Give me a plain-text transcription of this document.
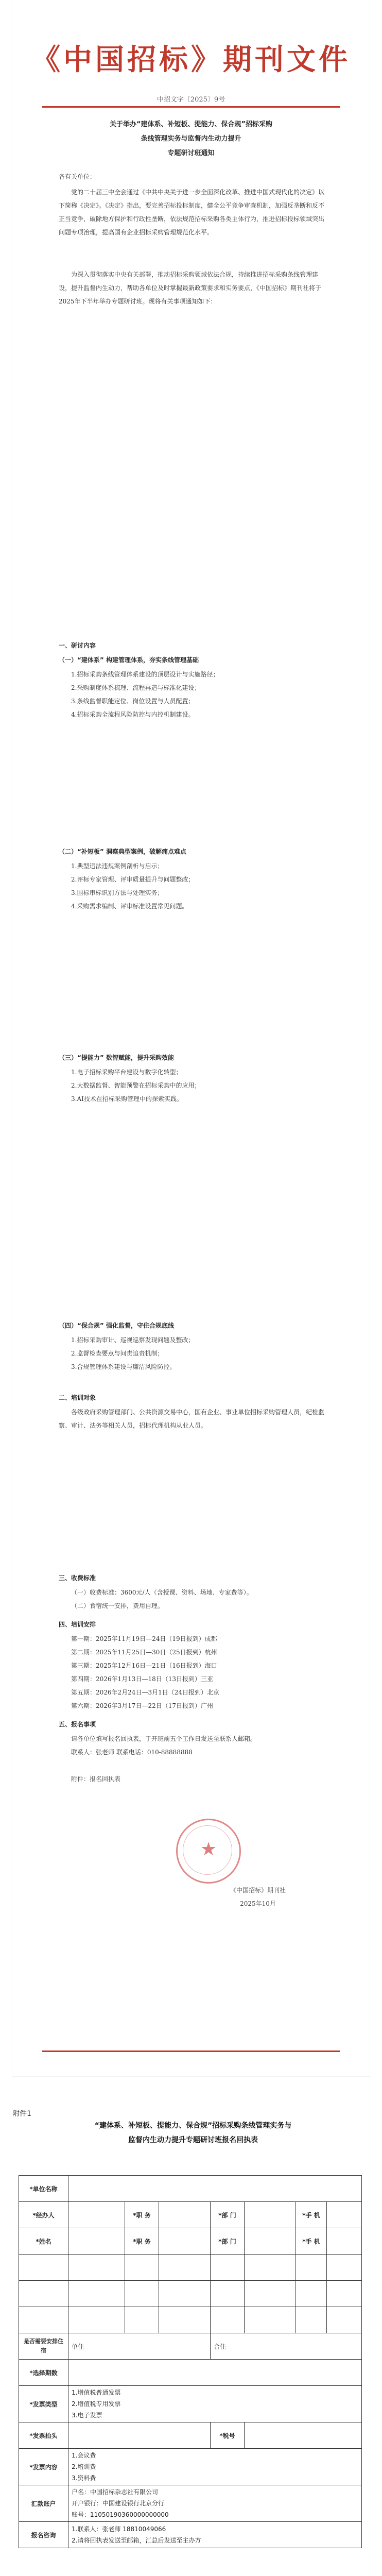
《中国招标》期刊文件
中招文字〔2025〕9号
关于举办“建体系、补短板、提能力、保合规”招标采购
条线管理实务与监督内生动力提升
专题研讨班通知
各有关单位：
党的二十届三中全会通过《中共中央关于进一步全面深化改革、推进中国式现代化的决定》以下简称《决定》。《决定》指出，要完善招标投标制度，健全公平竞争审查机制，加强反垄断和反不正当竞争，破除地方保护和行政性垄断，依法规范招标采购各类主体行为，推进招标投标领域突出问题专项治理，提高国有企业招标采购管理规范化水平。
为深入贯彻落实中央有关部署，推动招标采购领域依法合规，持续推进招标采购条线管理建设，提升监督内生动力，帮助各单位及时掌握最新政策要求和实务要点，《中国招标》期刊社将于2025年下半年举办专题研讨班。现将有关事项通知如下：
一、研讨内容
（一）“建体系” 构建管理体系，夯实条线管理基础
1.招标采购条线管理体系建设的顶层设计与实施路径；
2.采购制度体系梳理、流程再造与标准化建设；
3.条线监督职能定位、岗位设置与人员配置；
4.招标采购全流程风险防控与内控机制建设。
（二）“补短板” 洞察典型案例，破解痛点难点
1.典型违法违规案例剖析与启示；
2.评标专家管理、评审质量提升与问题整改；
3.围标串标识别方法与处理实务；
4.采购需求编制、评审标准设置常见问题。
（三）“提能力” 数智赋能，提升采购效能
1.电子招标采购平台建设与数字化转型；
2.大数据监督、智能预警在招标采购中的应用；
3.AI技术在招标采购管理中的探索实践。
（四）“保合规” 强化监督，守住合规底线
1.招标采购审计、巡视巡察发现问题及整改；
2.监督检查要点与问责追责机制；
3.合规管理体系建设与廉洁风险防控。
二、培训对象
各级政府采购管理部门、公共资源交易中心，国有企业、事业单位招标采购管理人员，纪检监察、审计、法务等相关人员，招标代理机构从业人员。
三、收费标准
（一）收费标准：3600元/人（含授课、资料、场地、专家费等）。
（二）食宿统一安排，费用自理。
四、培训安排
第一期：2025年11月19日—24日（19日报到）成都
第二期：2025年11月25日—30日（25日报到）杭州
第三期：2025年12月16日—21日（16日报到）海口
第四期：2026年1月13日—18日（13日报到）三亚
第五期：2026年2月24日—3月1日（24日报到）北京
第六期：2026年3月17日—22日（17日报到）广州
五、报名事项
请各单位填写报名回执表，于开班前五个工作日发送至联系人邮箱。
联系人：张老师 联系电话：010-88888888
附件：报名回执表
★
《中国招标》期刊社
2025年10月
附件1
“建体系、补短板、提能力、保合规”招标采购条线管理实务与
监督内生动力提升专题研讨班报名回执表
*单位名称							
*经办人		*职 务		*部 门		*手 机	
*姓名		*职 务		*部 门		*手 机	

是否需要安排住宿	单住			合住			
*选择期数							
*发票类型	1.增值税普通发票
2.增值税专用发票
3.电子发票						
*发票抬头				*税号			
*发票内容	1.会议费
2.培训费
3.资料费						
汇款账户	户名：中国招标杂志社有限公司
开户银行：中国建设银行北京分行
账号：11050190360000000000						
报名咨询	1.联系人：张老师 18810049066
2.请将回执表发送至邮箱，汇总后发送至主办方						
